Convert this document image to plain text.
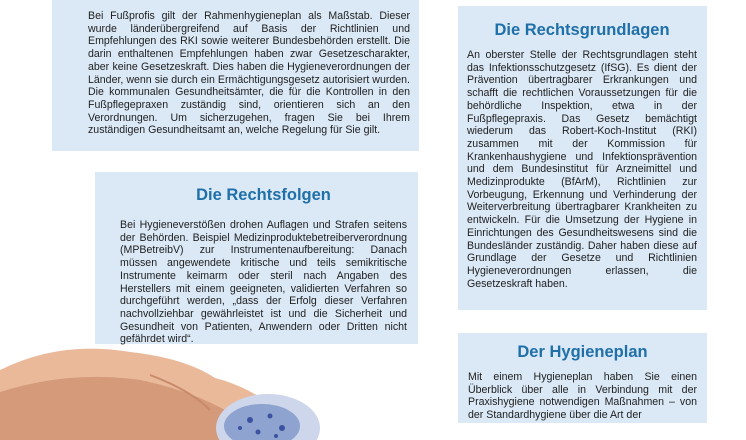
Bei Fußprofis gilt der Rahmenhygieneplan als Maßstab. Dieser wurde länderübergreifend auf Basis der Richtlinien und Empfehlungen des RKI sowie weiterer Bundesbehörden erstellt. Die darin enthaltenen Empfehlungen haben zwar Gesetzescharakter, aber keine Gesetzeskraft. Dies haben die Hygieneverordnungen der Länder, wenn sie durch ein Ermächtigungsgesetz autorisiert wurden. Die kommunalen Gesundheitsämter, die für die Kontrollen in den Fußpflegepraxen zuständig sind, orientieren sich an den Verordnungen. Um sicherzugehen, fragen Sie bei Ihrem zuständigen Gesundheitsamt an, welche Regelung für Sie gilt.

Die Rechtsfolgen

Bei Hygieneverstößen drohen Auflagen und Strafen seitens der Behörden. Beispiel Medizinproduktebetreiberverordnung (MPBetreibV) zur Instrumentenaufbereitung: Danach müssen angewendete kritische und teils semikritische Instrumente keimarm oder steril nach Angaben des Herstellers mit einem geeigneten, validierten Verfahren so durchgeführt werden, „dass der Erfolg dieser Verfahren nachvollziehbar gewährleistet ist und die Sicherheit und Gesundheit von Patienten, Anwendern oder Dritten nicht gefährdet wird“.

Die Rechtsgrundlagen

An oberster Stelle der Rechtsgrundlagen steht das Infektionsschutzgesetz (IfSG). Es dient der Prävention übertragbarer Erkrankungen und schafft die rechtlichen Voraussetzungen für die behördliche Inspektion, etwa in der Fußpflegepraxis. Das Gesetz bemächtigt wiederum das Robert-Koch-Institut (RKI) zusammen mit der Kommission für Krankenhaushygiene und Infektionsprävention und dem Bundesinstitut für Arzneimittel und Medizinprodukte (BfArM), Richtlinien zur Vorbeugung, Erkennung und Verhinderung der Weiterverbreitung übertragbarer Krankheiten zu entwickeln. Für die Umsetzung der Hygiene in Einrichtungen des Gesundheitswesens sind die Bundesländer zuständig. Daher haben diese auf Grundlage der Gesetze und Richtlinien Hygieneverordnungen erlassen, die Gesetzeskraft haben.

Der Hygieneplan

Mit einem Hygieneplan haben Sie einen Überblick über alle in Verbindung mit der Praxishygiene notwendigen Maßnahmen – von der Standardhygiene über die Art der
